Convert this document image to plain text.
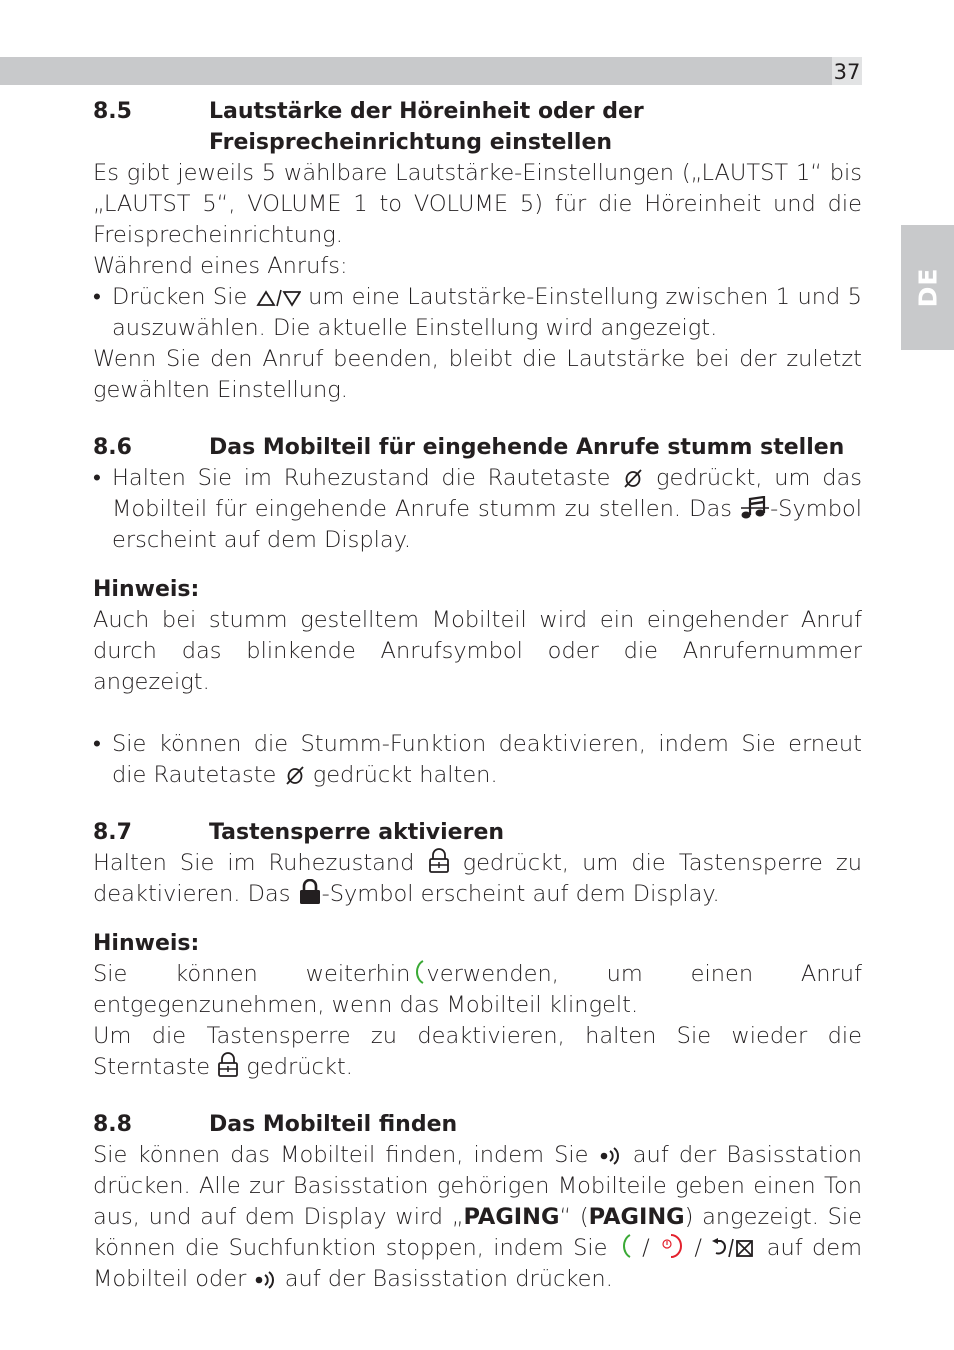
37
DE
8.5	Lautstärke der Höreinheit oder der Freisprecheinrichtung einstellen

Es gibt jeweils 5 wählbare Lautstärke-Einstellungen („LAUTST 1“ bis „LAUTST 5“, VOLUME 1 to VOLUME 5) für die Höreinheit und die Freisprecheinrichtung.

Während eines Anrufs:

• Drücken Sie	um eine Lautstärke-Einstellung zwischen 1 und 5 auszuwählen. Die aktuelle Einstellung wird angezeigt.

Wenn Sie den Anruf beenden, bleibt die Lautstärke bei der zuletzt gewählten Einstellung.

8.6	Das Mobilteil für eingehende Anrufe stumm stellen
• Halten Sie im Ruhezustand die Rautetaste gedrückt, um das Mobilteil für eingehende Anrufe stumm zu stellen. Das -Symbol erscheint auf dem Display.
Hinweis:

Auch bei stumm gestelltem Mobilteil wird ein eingehender Anruf durch das blinkende Anrufsymbol oder die Anrufernummer angezeigt.

• Sie können die Stumm-Funktion deaktivieren, indem Sie erneut die Rautetaste gedrückt halten.
8.7	Tastensperre aktivieren

Halten Sie im Ruhezustand gedrückt, um die Tastensperre zu deaktivieren. Das -Symbol erscheint auf dem Display.

Hinweis:

Sie können weiterhin verwenden, um einen Anruf entgegenzunehmen, wenn das Mobilteil klingelt.

Um die Tastensperre zu deaktivieren, halten Sie wieder die Sterntaste gedrückt.

8.8	Das Mobilteil finden

Sie können das Mobilteil finden, indem Sie auf der Basisstation drücken. Alle zur Basisstation gehörigen Mobilteile geben einen Ton aus, und auf dem Display wird „PAGING“ (PAGING) angezeigt. Sie können die Suchfunktion stoppen, indem Sie / /	auf dem Mobilteil oder auf der Basisstation drücken.
